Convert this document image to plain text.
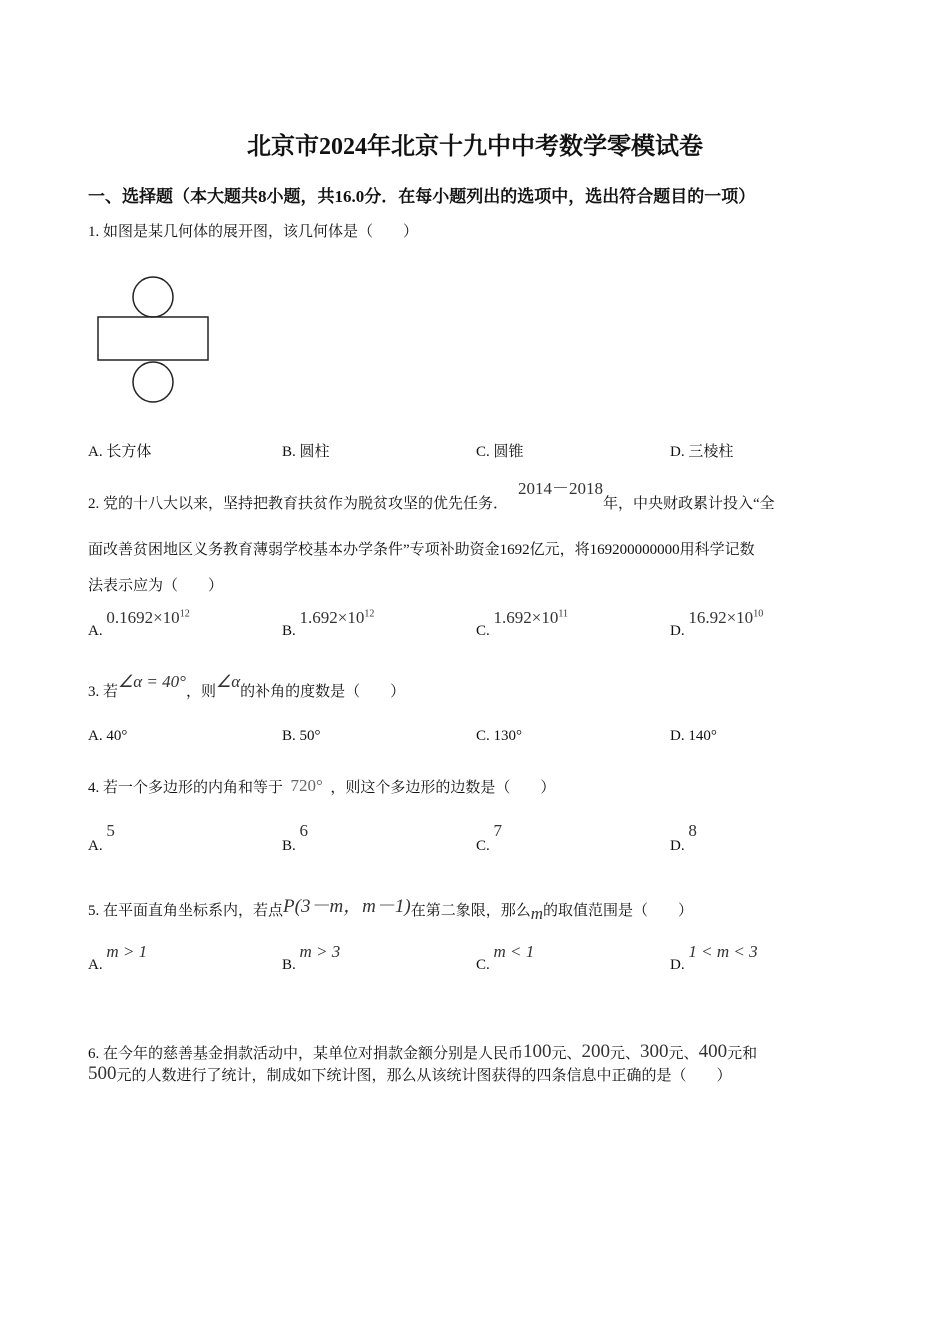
北京市2024年北京十九中中考数学零模试卷
一、选择题（本大题共8小题，共16.0分．在每小题列出的选项中，选出符合题目的一项）
1. 如图是某几何体的展开图，该几何体是（　　）
A. 长方体	B. 圆柱	C. 圆锥	D. 三棱柱
2. 党的十八大以来，坚持把教育扶贫作为脱贫攻坚的优先任务．2014－2018年，中央财政累计投入“全
面改善贫困地区义务教育薄弱学校基本办学条件”专项补助资金1692亿元，将169200000000用科学记数
法表示应为（　　）
A. $0.1692\times 10^{12}$
B. $1.692\times 10^{12}$
C. $1.692\times 10^{11}$
D. $16.92\times 10^{10}$
3. 若∠α = 40°，则∠α的补角的度数是（　　）
A. 40°	B. 50°	C. 130°	D. 140°
4. 若一个多边形的内角和等于 720° ，则这个多边形的边数是（　　）
A. 5
B. 6
C. 7
D. 8
5. 在平面直角坐标系内，若点P(3－m，m－1)在第二象限，那么m的取值范围是（　　）
A. m > 1
B. m > 3
C. m < 1
D. 1 < m < 3
6. 在今年的慈善基金捐款活动中，某单位对捐款金额分别是人民币100元、200元、300元、400元和
500元的人数进行了统计，制成如下统计图，那么从该统计图获得的四条信息中正确的是（　　）
